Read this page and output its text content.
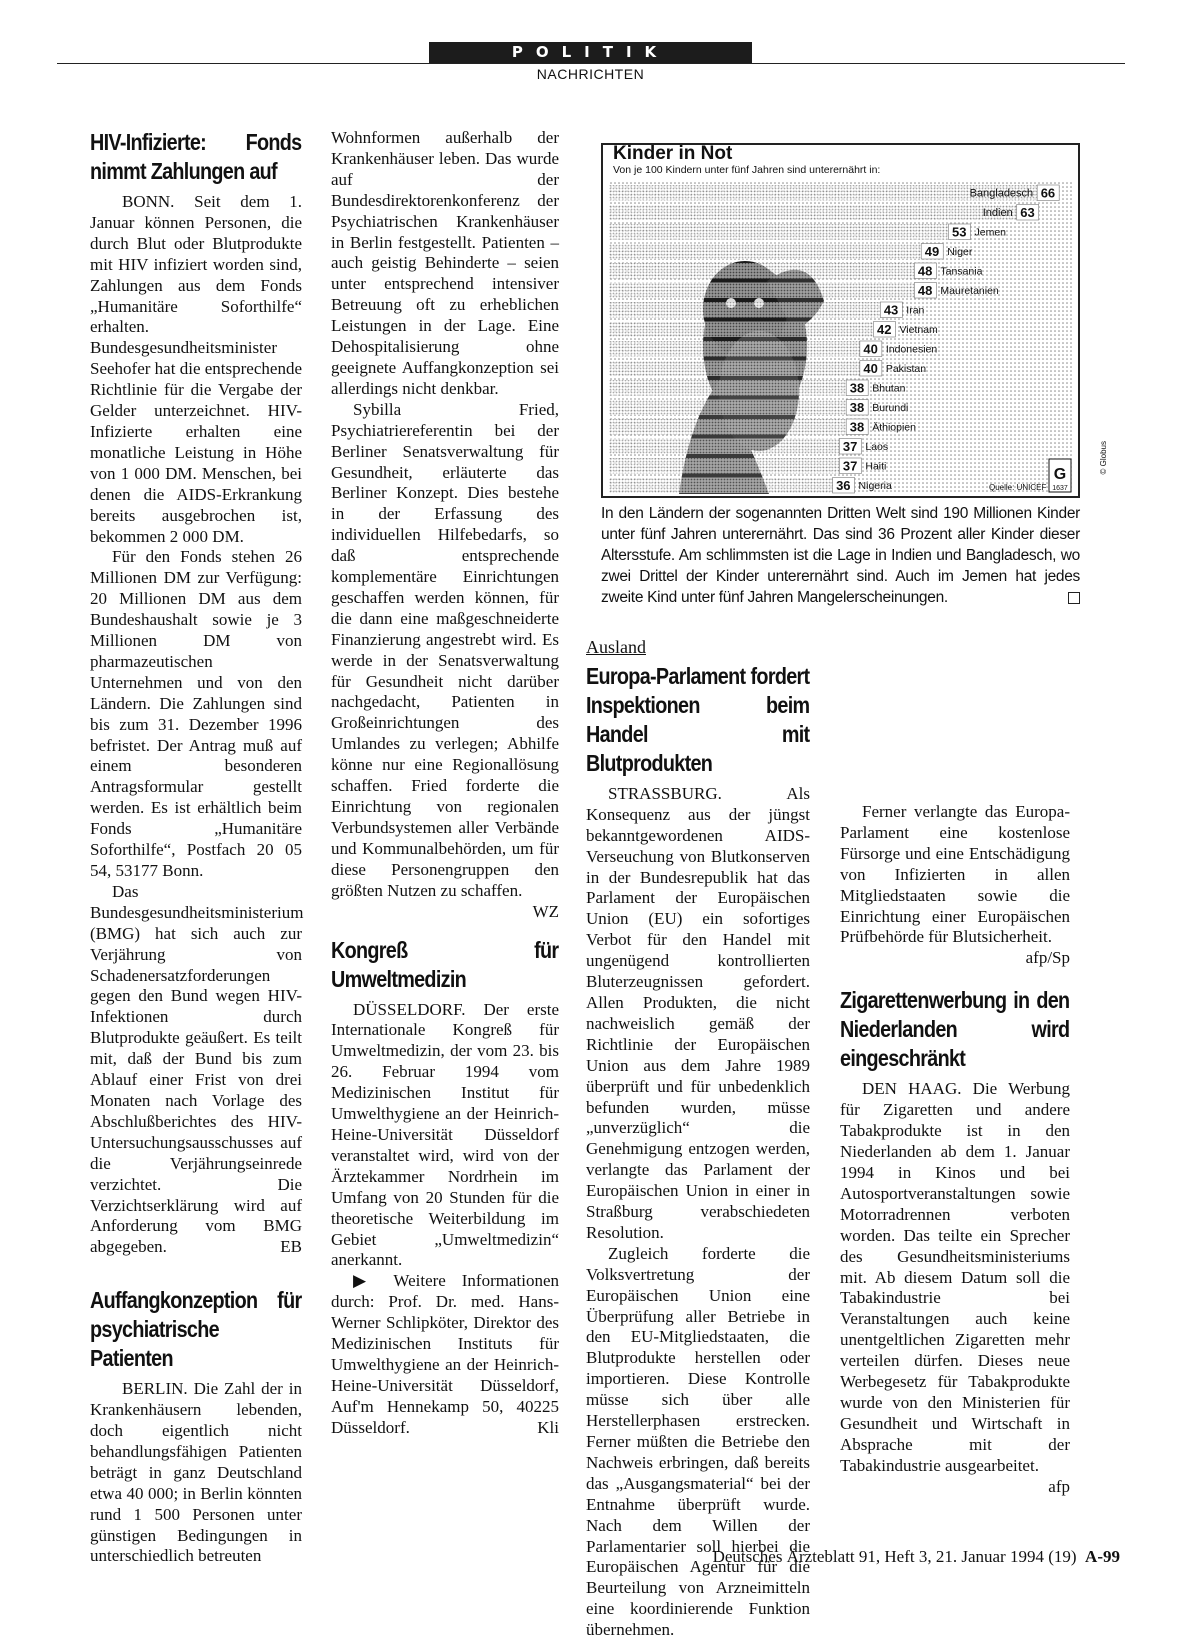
POLITIK
NACHRICHTEN
HIV-Infizierte: Fonds nimmt Zahlungen auf

BONN. Seit dem 1. Januar können Personen, die durch Blut oder Blutprodukte mit HIV infiziert worden sind, Zahlungen aus dem Fonds „Humanitäre Soforthilfe“ erhalten. Bundesgesundheitsminister Seehofer hat die entsprechende Richtlinie für die Vergabe der Gelder unterzeichnet. HIV-Infizierte erhalten eine monatliche Leistung in Höhe von 1 000 DM. Menschen, bei denen die AIDS-Erkrankung bereits ausgebrochen ist, bekommen 2 000 DM.

Für den Fonds stehen 26 Millionen DM zur Verfügung: 20 Millionen DM aus dem Bundeshaushalt sowie je 3 Millionen DM von pharmazeutischen Unternehmen und von den Ländern. Die Zahlungen sind bis zum 31. Dezember 1996 befristet. Der Antrag muß auf einem besonderen Antragsformular gestellt werden. Es ist erhältlich beim Fonds „Humanitäre Soforthilfe“, Postfach 20 05 54, 53177 Bonn.

Das Bundesgesundheitsministerium (BMG) hat sich auch zur Verjährung von Schadenersatzforderungen gegen den Bund wegen HIV-Infektionen durch Blutprodukte geäußert. Es teilt mit, daß der Bund bis zum Ablauf einer Frist von drei Monaten nach Vorlage des Abschlußberichtes des HIV-Untersuchungsausschusses auf die Verjährungseinrede verzichtet. Die Verzichtserklärung wird auf Anforderung vom BMG abgegeben.	EB

Auffangkonzeption für psychiatrische Patienten

BERLIN. Die Zahl der in Krankenhäusern lebenden, doch eigentlich nicht behandlungsfähigen Patienten beträgt in ganz Deutschland etwa 40 000; in Berlin könnten rund 1 500 Personen unter günstigen Bedingungen in unterschiedlich betreuten

Wohnformen außerhalb der Krankenhäuser leben. Das wurde auf der Bundesdirektorenkonferenz der Psychiatrischen Krankenhäuser in Berlin festgestellt. Patienten – auch geistig Behinderte – seien unter entsprechend intensiver Betreuung oft zu erheblichen Leistungen in der Lage. Eine Dehospitalisierung ohne geeignete Auffangkonzeption sei allerdings nicht denkbar.

Sybilla Fried, Psychiatriereferentin bei der Berliner Senatsverwaltung für Gesundheit, erläuterte das Berliner Konzept. Dies bestehe in der Erfassung des individuellen Hilfebedarfs, so daß entsprechende komplementäre Einrichtungen geschaffen werden können, für die dann eine maßgeschneiderte Finanzierung angestrebt wird. Es werde in der Senatsverwaltung für Gesundheit nicht darüber nachgedacht, Patienten in Großeinrichtungen des Umlandes zu verlegen; Abhilfe könne nur eine Regionallösung schaffen. Fried forderte die Einrichtung von regionalen Verbundsystemen aller Verbände und Kommunalbehörden, um für diese Personengruppen den größten Nutzen zu schaffen.
WZ

Kongreß für Umweltmedizin

DÜSSELDORF. Der erste Internationale Kongreß für Umweltmedizin, der vom 23. bis 26. Februar 1994 vom Medizinischen Institut für Umwelthygiene an der Heinrich-Heine-Universität Düsseldorf veranstaltet wird, wird von der Ärztekammer Nordrhein im Umfang von 20 Stunden für die theoretische Weiterbildung im Gebiet „Umweltmedizin“ anerkannt.

▶ Weitere Informationen durch: Prof. Dr. med. Hans-Werner Schlipköter, Direktor des Medizinischen Instituts für Umwelthygiene an der Heinrich-Heine-Universität Düsseldorf, Auf'm Hennekamp 50, 40225 Düsseldorf.	Kli

Kinder in Not
Von je 100 Kindern unter fünf Jahren sind unterernährt in:
66
Bangladesch
63
Indien
53 Jemen
49 Niger
48 Tansania
48 Mauretanien
43 Iran
42 Vietnam
40 Indonesien
40 Pakistan
38 Bhutan
38 Burundi
38 Äthiopien
37 Laos
37 Haiti
36 Nigeria
© Globus
Quelle: UNICEF
G
1637
In den Ländern der sogenannten Dritten Welt sind 190 Millionen Kinder unter fünf Jahren unterernährt. Das sind 36 Prozent aller Kinder dieser Altersstufe. Am schlimmsten ist die Lage in Indien und Bangladesch, wo zwei Drittel der Kinder unterernährt sind. Auch im Jemen hat jedes zweite Kind unter fünf Jahren Mangelerscheinungen.
Ausland
Europa-Parlament fordert Inspektionen beim Handel mit Blutprodukten

STRASSBURG.	Als Konsequenz aus der jüngst bekanntgewordenen AIDS-Verseuchung von Blutkonserven in der Bundesrepublik hat das Parlament der Europäischen Union (EU) ein sofortiges Verbot für den Handel mit ungenügend kontrollierten Bluterzeugnissen gefordert. Allen Produkten, die nicht nachweislich gemäß der Richtlinie der Europäischen Union aus dem Jahre 1989 überprüft und für unbedenklich befunden wurden, müsse „unverzüglich“ die Genehmigung entzogen werden, verlangte das Parlament der Europäischen Union in einer in Straßburg verabschiedeten Resolution.

Zugleich forderte die Volksvertretung der Europäischen Union eine Überprüfung aller Betriebe in den EU-Mitgliedstaaten, die Blutprodukte herstellen oder importieren. Diese Kontrolle müsse sich über alle Herstellerphasen erstrecken. Ferner müßten die Betriebe den Nachweis erbringen, daß bereits das „Ausgangsmaterial“ bei der Entnahme überprüft wurde. Nach dem Willen der Parlamentarier soll hierbei die Europäischen Agentur für die Beurteilung von Arzneimitteln eine koordinierende Funktion übernehmen.

Ferner verlangte das Europa-Parlament eine kostenlose Fürsorge und eine Entschädigung von Infizierten in allen Mitgliedstaaten sowie die Einrichtung einer Europäischen Prüfbehörde für Blutsicherheit.
afp/Sp

Zigarettenwerbung in den Niederlanden wird eingeschränkt

DEN HAAG. Die Werbung für Zigaretten und andere Tabakprodukte ist in den Niederlanden ab dem 1. Januar 1994 in Kinos und bei Autosportveranstaltungen sowie Motorradrennen verboten worden. Das teilte ein Sprecher des Gesundheitsministeriums mit. Ab diesem Datum soll die Tabakindustrie bei Veranstaltungen auch keine unentgeltlichen Zigaretten mehr verteilen dürfen. Dieses neue Werbegesetz für Tabakprodukte wurde von den Ministerien für Gesundheit und Wirtschaft in Absprache mit der Tabakindustrie ausgearbeitet.
afp

Deutsches Ärzteblatt 91, Heft 3, 21. Januar 1994 (19) A-99
